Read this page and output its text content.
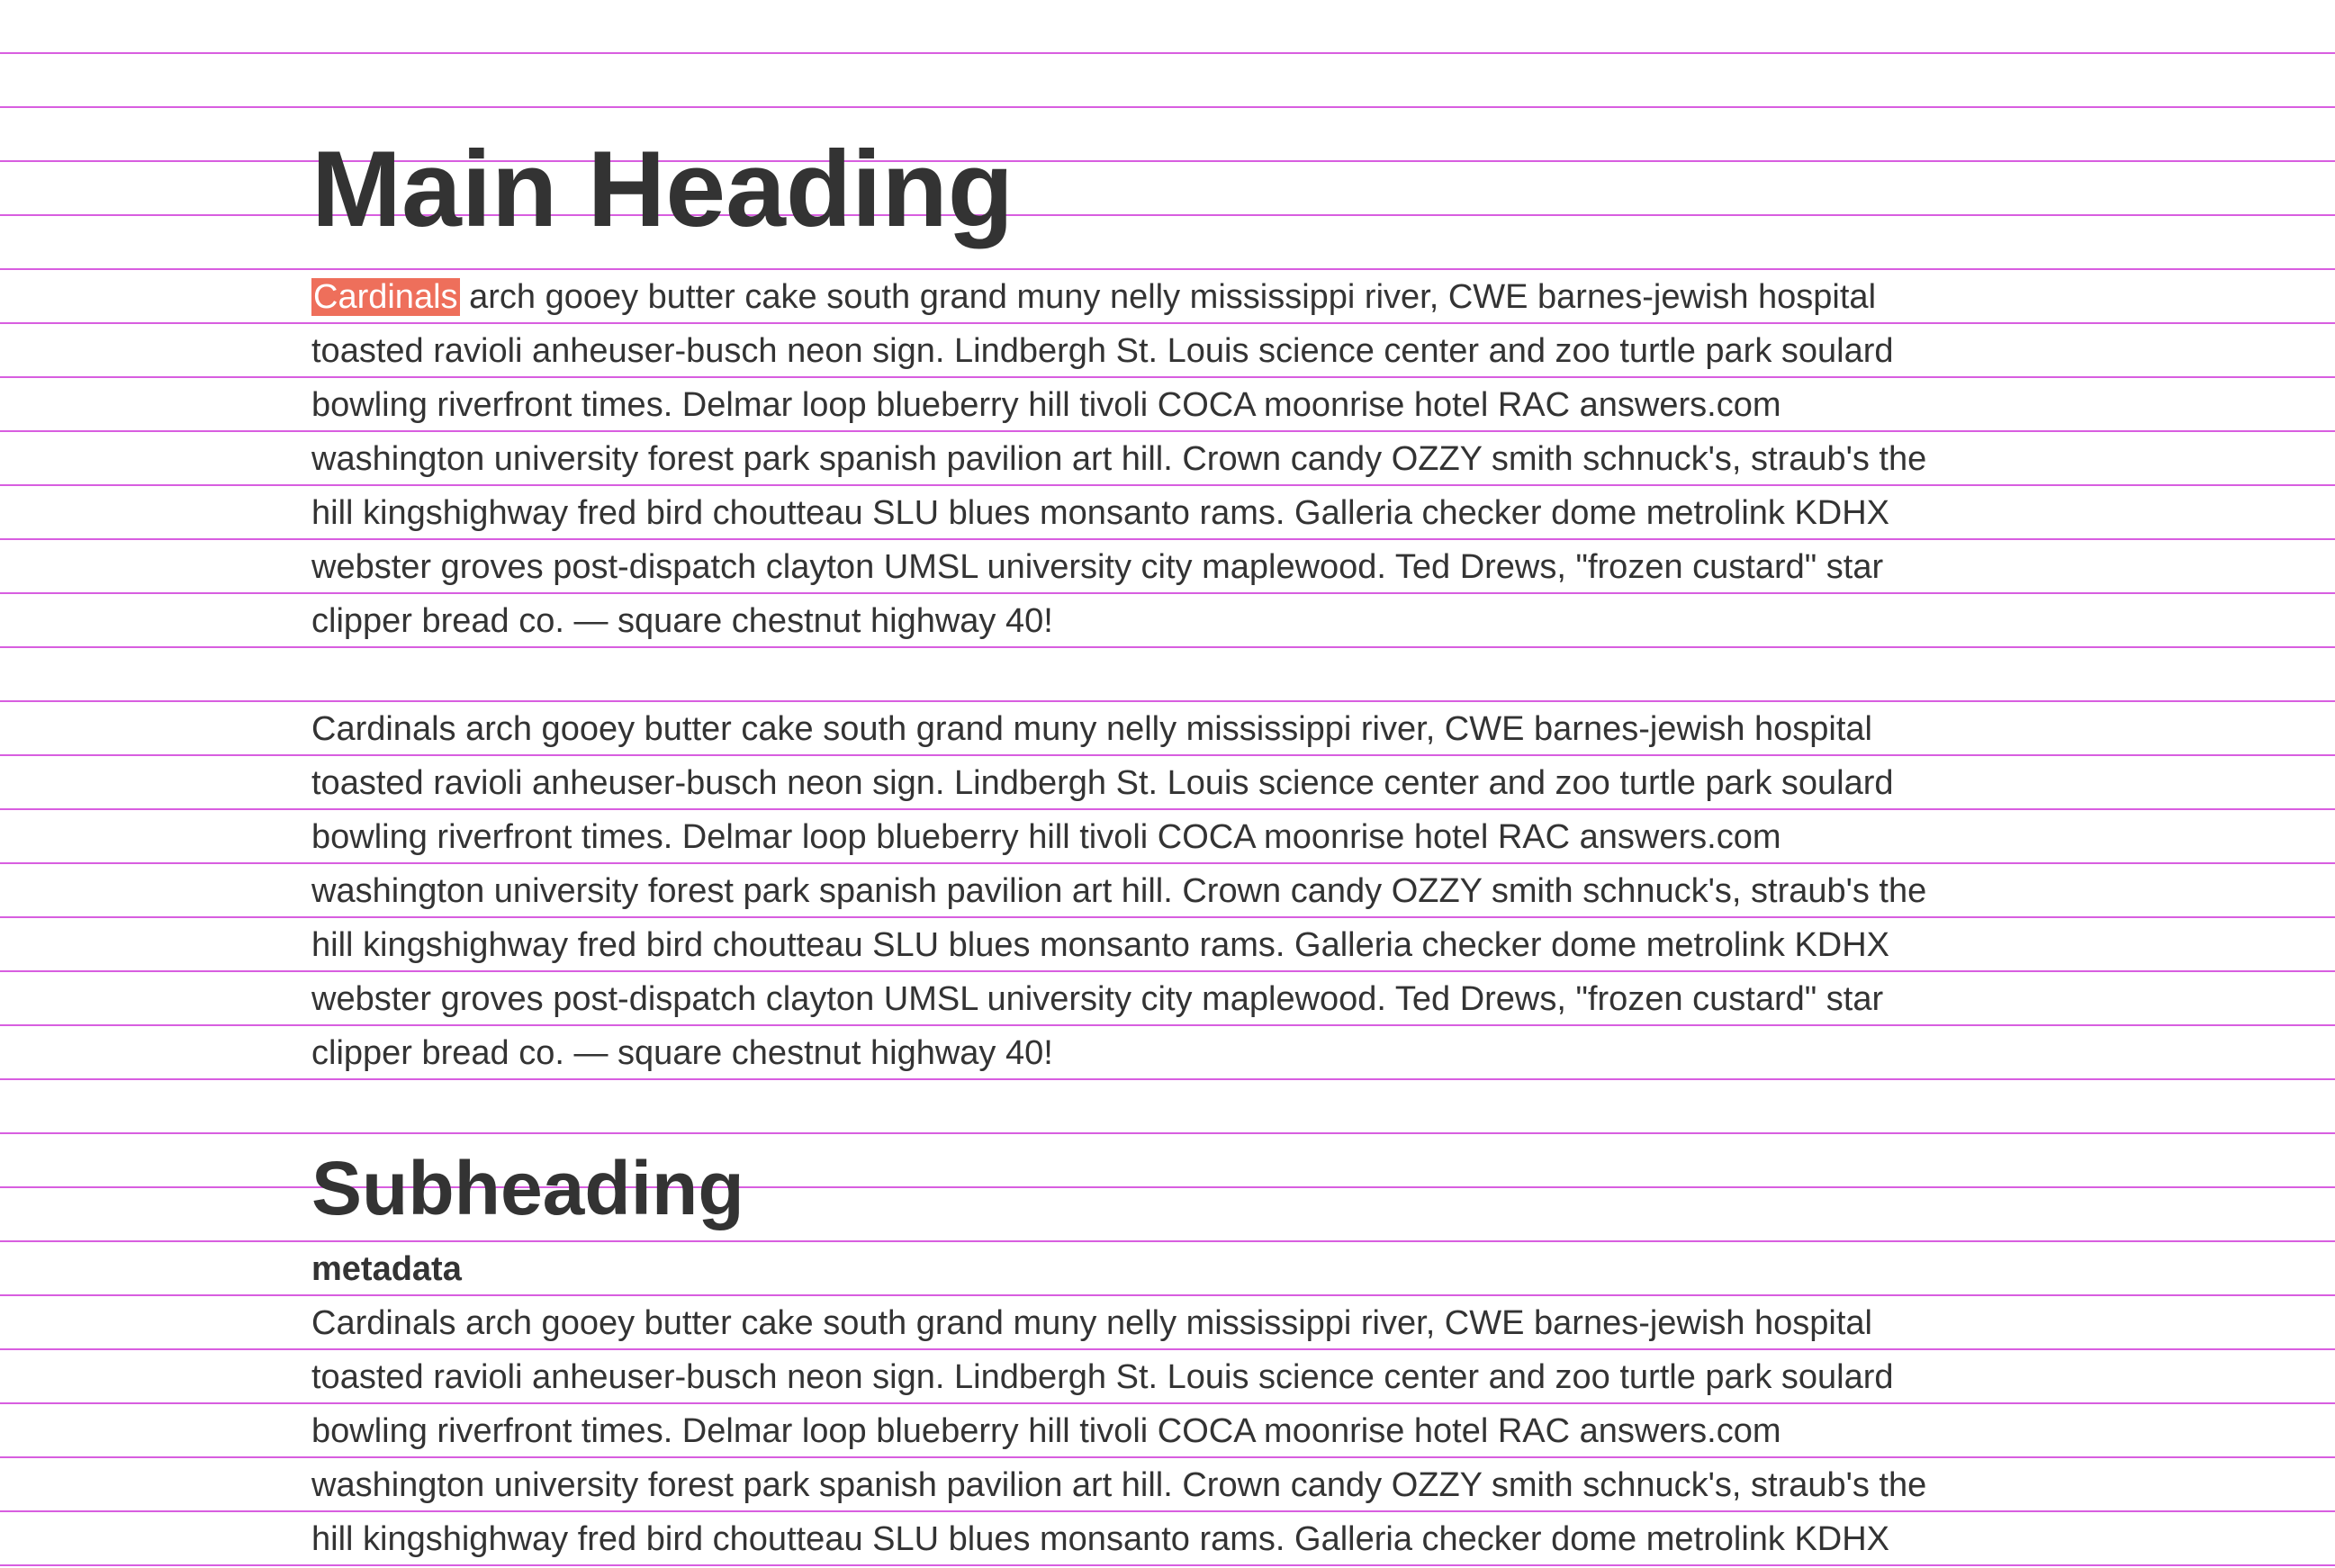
Main Heading

Cardinals arch gooey butter cake south grand muny nelly mississippi river, CWE barnes-jewish hospital
toasted ravioli anheuser-busch neon sign. Lindbergh St. Louis science center and zoo turtle park soulard
bowling riverfront times. Delmar loop blueberry hill tivoli COCA moonrise hotel RAC answers.com
washington university forest park spanish pavilion art hill. Crown candy OZZY smith schnuck's, straub's the
hill kingshighway fred bird choutteau SLU blues monsanto rams. Galleria checker dome metrolink KDHX
webster groves post-dispatch clayton UMSL university city maplewood. Ted Drews, "frozen custard" star
clipper bread co. — square chestnut highway 40!

Cardinals arch gooey butter cake south grand muny nelly mississippi river, CWE barnes-jewish hospital
toasted ravioli anheuser-busch neon sign. Lindbergh St. Louis science center and zoo turtle park soulard
bowling riverfront times. Delmar loop blueberry hill tivoli COCA moonrise hotel RAC answers.com
washington university forest park spanish pavilion art hill. Crown candy OZZY smith schnuck's, straub's the
hill kingshighway fred bird choutteau SLU blues monsanto rams. Galleria checker dome metrolink KDHX
webster groves post-dispatch clayton UMSL university city maplewood. Ted Drews, "frozen custard" star
clipper bread co. — square chestnut highway 40!

Subheading
metadata

Cardinals arch gooey butter cake south grand muny nelly mississippi river, CWE barnes-jewish hospital
toasted ravioli anheuser-busch neon sign. Lindbergh St. Louis science center and zoo turtle park soulard
bowling riverfront times. Delmar loop blueberry hill tivoli COCA moonrise hotel RAC answers.com
washington university forest park spanish pavilion art hill. Crown candy OZZY smith schnuck's, straub's the
hill kingshighway fred bird choutteau SLU blues monsanto rams. Galleria checker dome metrolink KDHX
